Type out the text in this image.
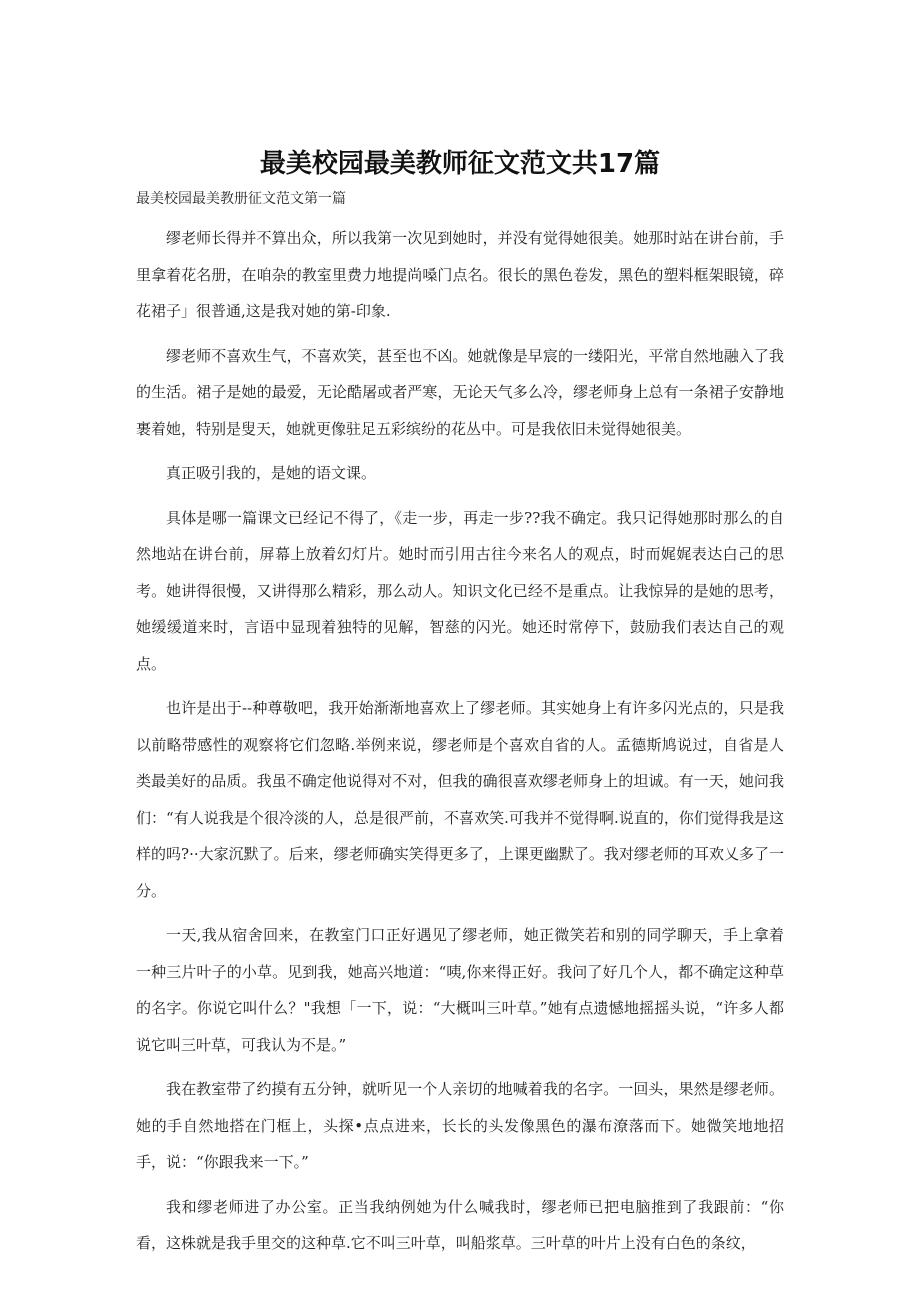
最美校园最美教师征文范文共17篇
最美校园最美教册征文范文第一篇

缪老师长得并不算出众，所以我第一次见到她时，并没有觉得她很美。她那时站在讲台前，手里拿着花名册，在咱杂的教室里费力地提尚嗓门点名。很长的黑色卷发，黑色的塑料框架眼镜，碎花裙子」很普通,这是我对她的第-印象.

缪老师不喜欢生气，不喜欢笑，甚至也不凶。她就像是早宸的一缕阳光，平常自然地融入了我的生活。裙子是她的最爱，无论酷屠或者严寒，无论天气多么冷，缪老师身上总有一条裙子安静地裹着她，特别是叟天，她就更像驻足五彩缤纷的花丛中。可是我依旧未觉得她很美。

真正吸引我的，是她的语文课。

具体是哪一篇课文已经记不得了，《走一步，再走一步??我不确定。我只记得她那时那么的自然地站在讲台前，屏幕上放着幻灯片。她时而引用古往今来名人的观点，时而娓娓表达白己的思考。她讲得很慢，又讲得那么精彩，那么动人。知识文化已经不是重点。让我惊异的是她的思考，她缓缓道来时，言语中显现着独特的见解，智慈的闪光。她还时常停下，鼓励我们表达自己的观点。

也许是出于--种尊敬吧，我开始渐渐地喜欢上了缪老师。其实她身上有许多闪光点的，只是我以前略带感性的观察将它们忽略.举例来说，缪老师是个喜欢自省的人。孟德斯鸠说过，自省是人类最美好的品质。我虽不确定他说得对不对，但我的确很喜欢缪老师身上的坦诚。有一天，她问我们：“有人说我是个很冷淡的人，总是很严前，不喜欢笑.可我并不觉得啊.说直的，你们觉得我是这样的吗?··大家沉默了。后来，缪老师确实笑得更多了，上课更幽默了。我对缪老师的耳欢乂多了一分。

一天,我从宿舍回来，在教室门口正好遇见了缪老师，她正微笑若和别的同学聊天，手上拿着一种三片叶子的小草。见到我，她高兴地道：“咦,你来得正好。我问了好几个人，都不确定这种草的名字。你说它叫什么？"我想「一下，说：“大概叫三叶草。”她有点遗憾地摇摇头说，“许多人都说它叫三叶草，可我认为不是。”

我在教室带了约摸有五分钟，就听见一个人亲切的地喊着我的名字。一回头，果然是缪老师。她的手自然地搭在门框上，头探•点点进来，长长的头发像黑色的瀑布潦落而下。她微笑地地招手，说：“你跟我来一下。”

我和缪老师进了办公室。正当我纳例她为什么喊我时，缪老师已把电脑推到了我跟前：“你看，这株就是我手里交的这种草.它不叫三叶草，叫船浆草。三叶草的叶片上没有白色的条纹，
